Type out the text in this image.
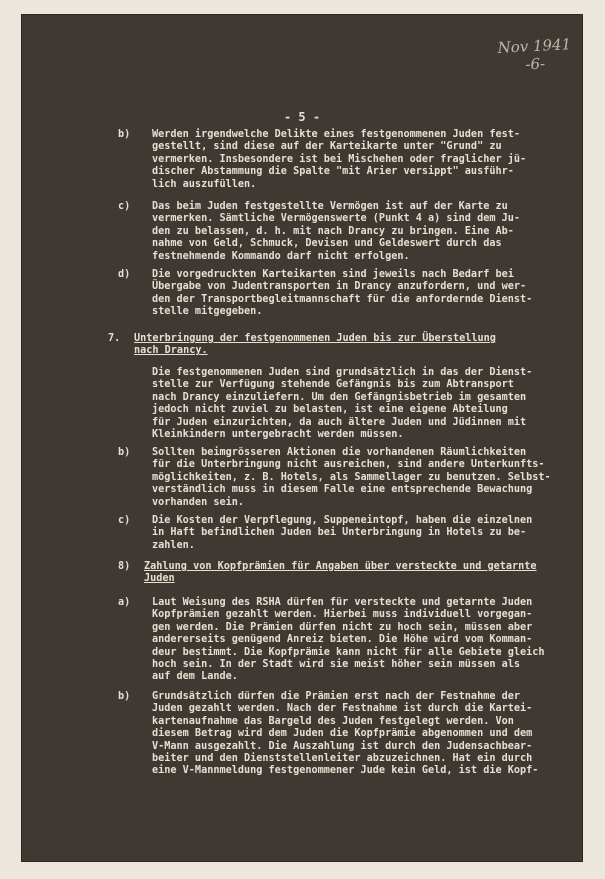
Nov 1941
-6-
- 5 -
b) Werden irgendwelche Delikte eines festgenommenen Juden fest-
gestellt, sind diese auf der Karteikarte unter "Grund" zu
vermerken. Insbesondere ist bei Mischehen oder fraglicher jü-
discher Abstammung die Spalte "mit Arier versippt" ausführ-
lich auszufüllen.
c) Das beim Juden festgestellte Vermögen ist auf der Karte zu
vermerken. Sämtliche Vermögenswerte (Punkt 4 a) sind dem Ju-
den zu belassen, d. h. mit nach Drancy zu bringen. Eine Ab-
nahme von Geld, Schmuck, Devisen und Geldeswert durch das
festnehmende Kommando darf nicht erfolgen.
d) Die vorgedruckten Karteikarten sind jeweils nach Bedarf bei
Übergabe von Judentransporten in Drancy anzufordern, und wer-
den der Transportbegleitmannschaft für die anfordernde Dienst-
stelle mitgegeben.
7. Unterbringung der festgenommenen Juden bis zur Überstellung
nach Drancy.
Die festgenommenen Juden sind grundsätzlich in das der Dienst-
stelle zur Verfügung stehende Gefängnis bis zum Abtransport
nach Drancy einzuliefern. Um den Gefängnisbetrieb im gesamten
jedoch nicht zuviel zu belasten, ist eine eigene Abteilung
für Juden einzurichten, da auch ältere Juden und Jüdinnen mit
Kleinkindern untergebracht werden müssen.
b) Sollten beimgrösseren Aktionen die vorhandenen Räumlichkeiten
für die Unterbringung nicht ausreichen, sind andere Unterkunfts-
möglichkeiten, z. B. Hotels, als Sammellager zu benutzen. Selbst-
verständlich muss in diesem Falle eine entsprechende Bewachung
vorhanden sein.
c) Die Kosten der Verpflegung, Suppeneintopf, haben die einzelnen
in Haft befindlichen Juden bei Unterbringung in Hotels zu be-
zahlen.
8) Zahlung von Kopfprämien für Angaben über versteckte und getarnte
Juden
a) Laut Weisung des RSHA dürfen für versteckte und getarnte Juden
Kopfprämien gezahlt werden. Hierbei muss individuell vorgegan-
gen werden. Die Prämien dürfen nicht zu hoch sein, müssen aber
andererseits genügend Anreiz bieten. Die Höhe wird vom Komman-
deur bestimmt. Die Kopfprämie kann nicht für alle Gebiete gleich
hoch sein. In der Stadt wird sie meist höher sein müssen als
auf dem Lande.
b) Grundsätzlich dürfen die Prämien erst nach der Festnahme der
Juden gezahlt werden. Nach der Festnahme ist durch die Kartei-
kartenaufnahme das Bargeld des Juden festgelegt werden. Von
diesem Betrag wird dem Juden die Kopfprämie abgenommen und dem
V-Mann ausgezahlt. Die Auszahlung ist durch den Judensachbear-
beiter und den Dienststellenleiter abzuzeichnen. Hat ein durch
eine V-Mannmeldung festgenommener Jude kein Geld, ist die Kopf-
